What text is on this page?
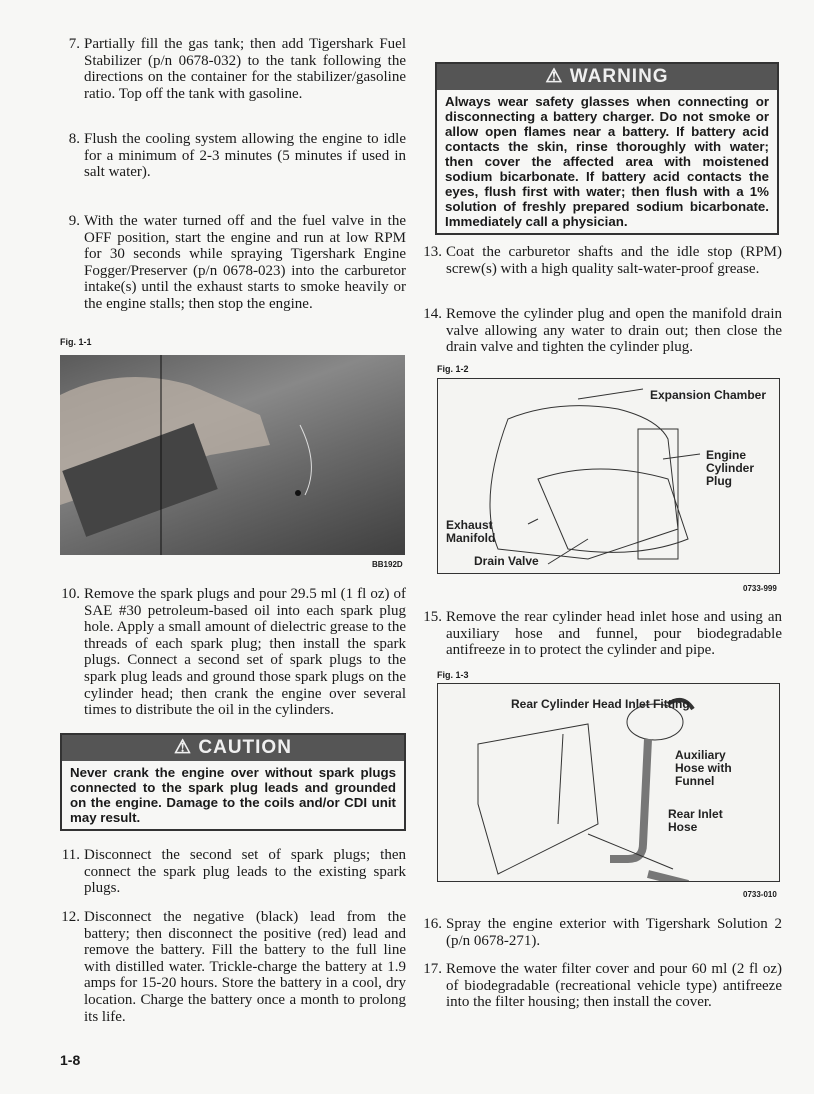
7. Partially fill the gas tank; then add Tigershark Fuel Stabilizer (p/n 0678-032) to the tank following the directions on the container for the stabilizer/gasoline ratio. Top off the tank with gasoline.
8. Flush the cooling system allowing the engine to idle for a minimum of 2-3 minutes (5 minutes if used in salt water).
9. With the water turned off and the fuel valve in the OFF position, start the engine and run at low RPM for 30 seconds while spraying Tigershark Engine Fogger/Preserver (p/n 0678-023) into the carburetor intake(s) until the exhaust starts to smoke heavily or the engine stalls; then stop the engine.
Fig. 1-1
BB192D
10. Remove the spark plugs and pour 29.5 ml (1 fl oz) of SAE #30 petroleum-based oil into each spark plug hole. Apply a small amount of dielectric grease to the threads of each spark plug; then install the spark plugs. Connect a second set of spark plugs to the spark plug leads and ground those spark plugs on the cylinder head; then crank the engine over several times to distribute the oil in the cylinders.
⚠ CAUTION
Never crank the engine over without spark plugs connected to the spark plug leads and grounded on the engine. Damage to the coils and/or CDI unit may result.
11. Disconnect the second set of spark plugs; then connect the spark plug leads to the existing spark plugs.
12. Disconnect the negative (black) lead from the battery; then disconnect the positive (red) lead and remove the battery. Fill the battery to the full line with distilled water. Trickle-charge the battery at 1.9 amps for 15-20 hours. Store the battery in a cool, dry location. Charge the battery once a month to prolong its life.
1-8
⚠ WARNING
Always wear safety glasses when connecting or disconnecting a battery charger. Do not smoke or allow open flames near a battery. If battery acid contacts the skin, rinse thoroughly with water; then cover the affected area with moistened sodium bicarbonate. If battery acid contacts the eyes, flush first with water; then flush with a 1% solution of freshly prepared sodium bicarbonate. Immediately call a physician.
13. Coat the carburetor shafts and the idle stop (RPM) screw(s) with a high quality salt-water-proof grease.
14. Remove the cylinder plug and open the manifold drain valve allowing any water to drain out; then close the drain valve and tighten the cylinder plug.
Fig. 1-2
Expansion Chamber
Engine Cylinder Plug
Exhaust Manifold
Drain Valve
0733-999
15. Remove the rear cylinder head inlet hose and using an auxiliary hose and funnel, pour biodegradable antifreeze in to protect the cylinder and pipe.
Fig. 1-3
Rear Cylinder Head Inlet Fitting
Auxiliary Hose with Funnel
Rear Inlet Hose
0733-010
16. Spray the engine exterior with Tigershark Solution 2 (p/n 0678-271).
17. Remove the water filter cover and pour 60 ml (2 fl oz) of biodegradable (recreational vehicle type) antifreeze into the filter housing; then install the cover.
